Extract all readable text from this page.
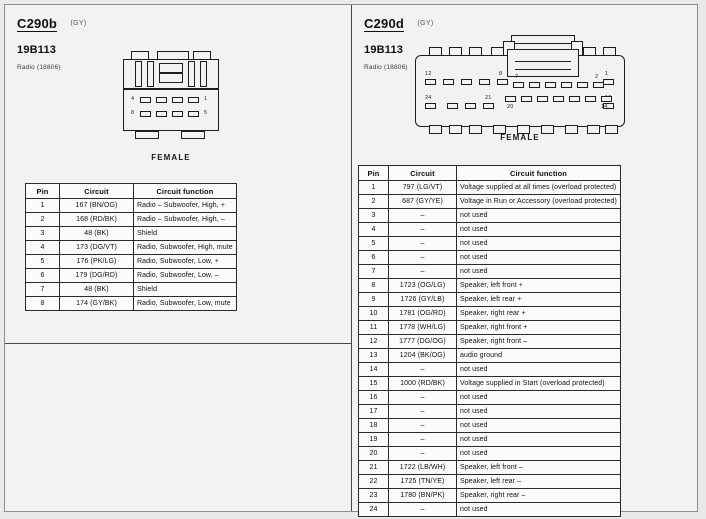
C290b (GY)
19B113
Radio (18806)
4	1
8	5
FEMALE
Pin	Circuit	Circuit function
1	167 (BN/OG)	Radio – Subwoofer, High, +
2	168 (RD/BK)	Radio – Subwoofer, High, –
3	48 (BK)	Shield
4	173 (DG/VT)	Radio, Subwoofer, High, mute
5	176 (PK/LG)	Radio, Subwoofer, Low, +
6	179 (DG/RD)	Radio, Subwoofer, Low, –
7	48 (BK)	Shield
8	174 (GY/BK)	Radio, Subwoofer, Low, mute
C290d (GY)
19B113
Radio (18806)
12	8	1
24	21
7	2
20	14
FEMALE
Pin	Circuit	Circuit function
1	797 (LG/VT)	Voltage supplied at all times (overload protected)
2	687 (GY/YE)	Voltage in Run or Accessory (overload protected)
3	–	not used
4	–	not used
5	–	not used
6	–	not used
7	–	not used
8	1723 (OG/LG)	Speaker, left front +
9	1726 (GY/LB)	Speaker, left rear +
10	1781 (OG/RD)	Speaker, right rear +
11	1778 (WH/LG)	Speaker, right front +
12	1777 (DG/OG)	Speaker, right front –
13	1204 (BK/OG)	audio ground
14	–	not used
15	1000 (RD/BK)	Voltage supplied in Start (overload protected)
16	–	not used
17	–	not used
18	–	not used
19	–	not used
20	–	not used
21	1722 (LB/WH)	Speaker, left front –
22	1725 (TN/YE)	Speaker, left rear –
23	1780 (BN/PK)	Speaker, right rear –
24	–	not used
